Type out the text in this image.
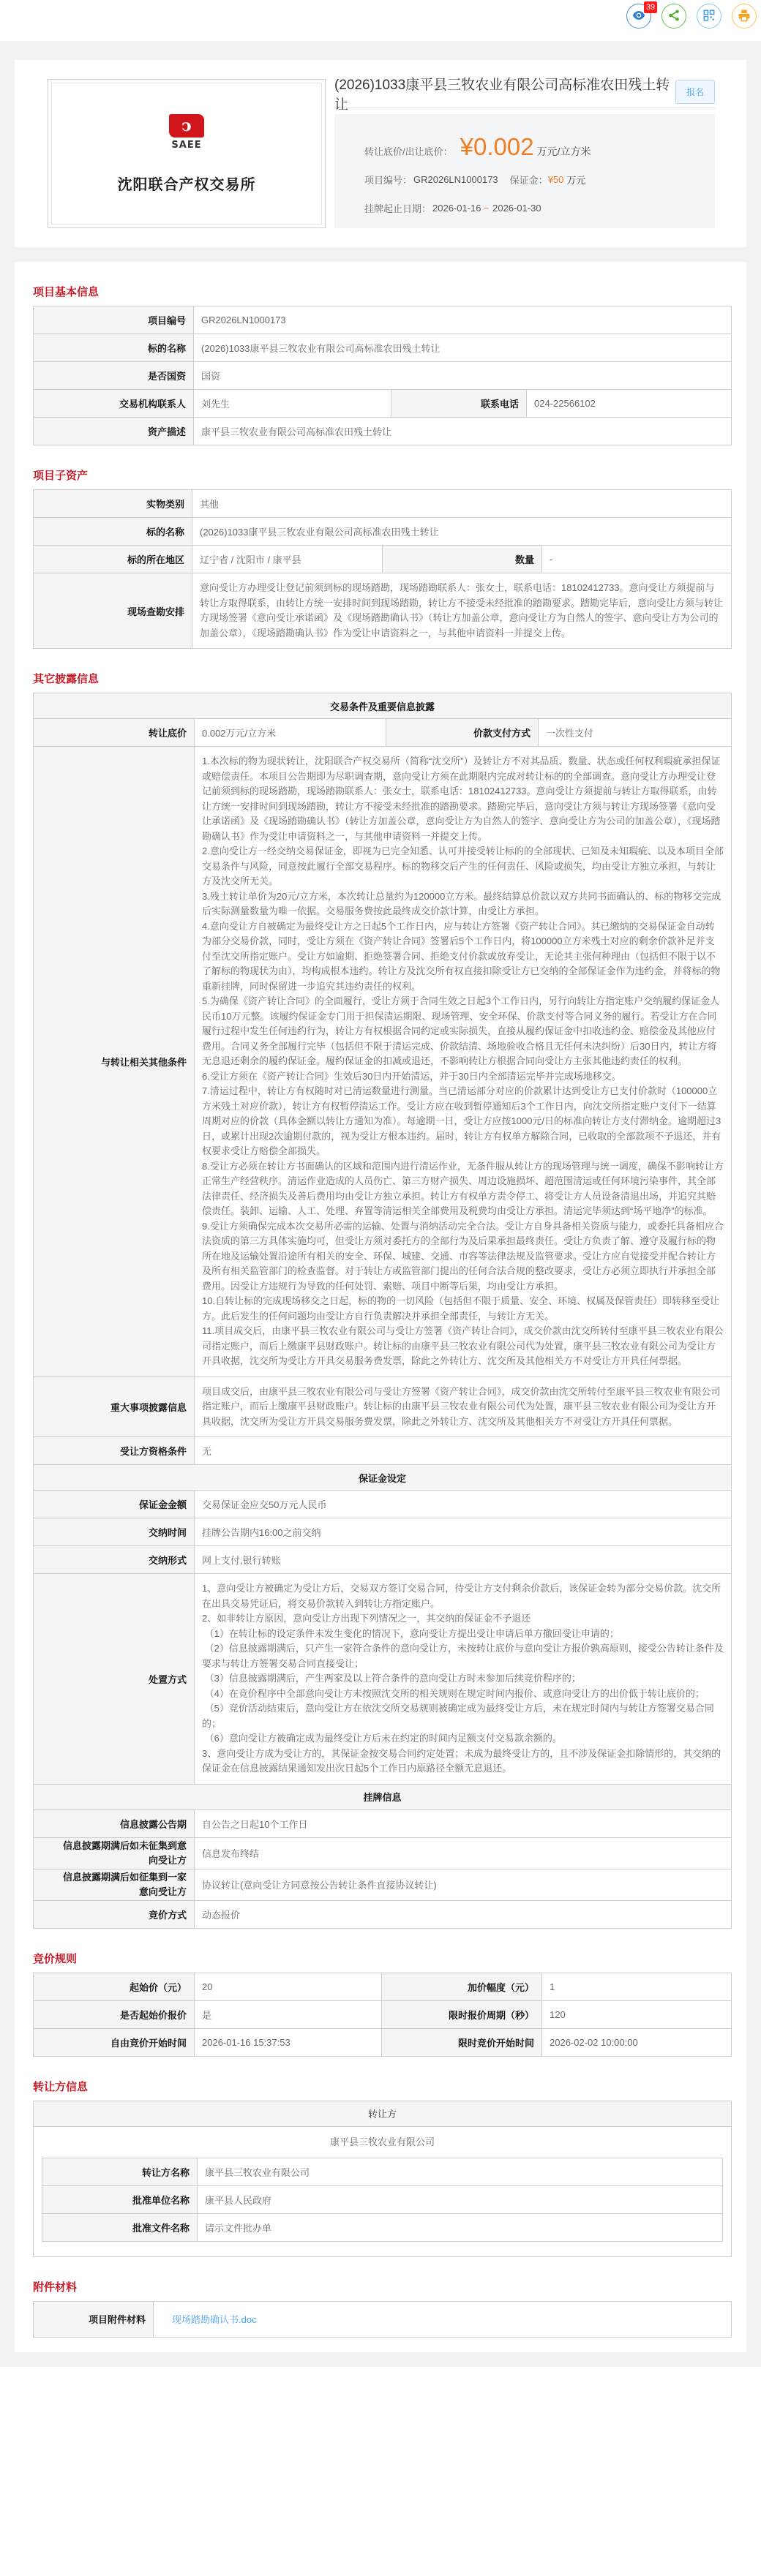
39
ↄ
SAEE
沈阳联合产权交易所
(2026)1033康平县三牧农业有限公司高标准农田残土转让
报名
转让底价/出让底价： ¥0.002 万元/立方米
项目编号： GR2026LN1000173 保证金： ¥50 万元
挂牌起止日期： 2026-01-16 ~ 2026-01-30
项目基本信息
项目编号	GR2026LN1000173		
标的名称	(2026)1033康平县三牧农业有限公司高标准农田残土转让		
是否国资	国资		
交易机构联系人	刘先生	联系电话	024-22566102
资产描述	康平县三牧农业有限公司高标准农田残土转让		
项目子资产
实物类别	其他		
标的名称	(2026)1033康平县三牧农业有限公司高标准农田残土转让		
标的所在地区	辽宁省 / 沈阳市 / 康平县	数量	-
现场查勘安排	意向受让方办理受让登记前须到标的现场踏勘，现场踏勘联系人：张女士，联系电话：18102412733。意向受让方须提前与转让方取得联系，由转让方统一安排时间到现场踏勘，转让方不接受未经批准的踏勘要求。踏勘完毕后，意向受让方须与转让方现场签署《意向受让承诺函》及《现场踏勘确认书》（转让方加盖公章，意向受让方为自然人的签字、意向受让方为公司的加盖公章），《现场踏勘确认书》作为受让申请资料之一，与其他申请资料一并提交上传。		
其它披露信息
交易条件及重要信息披露			
转让底价	0.002万元/立方米	价款支付方式	一次性支付
与转让相关其他条件	
1.本次标的物为现状转让，沈阳联合产权交易所（简称“沈交所”）及转让方不对其品质、数量、状态或任何权利瑕疵承担保证或赔偿责任。本项目公告期即为尽职调查期，意向受让方须在此期限内完成对转让标的的全部调查。意向受让方办理受让登记前须到标的现场踏勘，现场踏勘联系人：张女士，联系电话：18102412733。意向受让方须提前与转让方取得联系，由转让方统一安排时间到现场踏勘，转让方不接受未经批准的踏勘要求。踏勘完毕后，意向受让方须与转让方现场签署《意向受让承诺函》及《现场踏勘确认书》（转让方加盖公章，意向受让方为自然人的签字、意向受让方为公司的加盖公章），《现场踏勘确认书》作为受让申请资料之一，与其他申请资料一并提交上传。
2.意向受让方一经交纳交易保证金，即视为已完全知悉、认可并接受转让标的的全部现状、已知及未知瑕疵、以及本项目全部交易条件与风险，同意按此履行全部交易程序。标的物移交后产生的任何责任、风险或损失，均由受让方独立承担，与转让方及沈交所无关。
3.残土转让单价为20元/立方米，本次转让总量约为120000立方米。最终结算总价款以双方共同书面确认的、标的物移交完成后实际测量数量为唯一依据。交易服务费按此最终成交价款计算，由受让方承担。
4.意向受让方自被确定为最终受让方之日起5个工作日内，应与转让方签署《资产转让合同》。其已缴纳的交易保证金自动转为部分交易价款，同时，受让方须在《资产转让合同》签署后5个工作日内，将100000立方米残土对应的剩余价款补足并支付至沈交所指定账户。受让方如逾期、拒绝签署合同、拒绝支付价款或放弃受让，无论其主张何种理由（包括但不限于以不了解标的物现状为由），均构成根本违约。转让方及沈交所有权直接扣除受让方已交纳的全部保证金作为违约金，并将标的物重新挂牌，同时保留进一步追究其违约责任的权利。
5.为确保《资产转让合同》的全面履行，受让方须于合同生效之日起3个工作日内，另行向转让方指定账户交纳履约保证金人民币10万元整。该履约保证金专门用于担保清运期限、现场管理、安全环保、价款支付等合同义务的履行。若受让方在合同履行过程中发生任何违约行为，转让方有权根据合同约定或实际损失，直接从履约保证金中扣收违约金、赔偿金及其他应付费用。合同义务全部履行完毕（包括但不限于清运完成、价款结清、场地验收合格且无任何未决纠纷）后30日内，转让方将无息退还剩余的履约保证金。履约保证金的扣减或退还，不影响转让方根据合同向受让方主张其他违约责任的权利。
6.受让方须在《资产转让合同》生效后30日内开始清运，并于30日内全部清运完毕并完成场地移交。
7.清运过程中，转让方有权随时对已清运数量进行测量。当已清运部分对应的价款累计达到受让方已支付价款时（100000立方米残土对应价款），转让方有权暂停清运工作。受让方应在收到暂停通知后3个工作日内，向沈交所指定账户支付下一结算周期对应的价款（具体金额以转让方通知为准）。每逾期一日，受让方应按1000元/日的标准向转让方支付滞纳金。逾期超过3日，或累计出现2次逾期付款的，视为受让方根本违约。届时，转让方有权单方解除合同，已收取的全部款项不予退还，并有权要求受让方赔偿全部损失。
8.受让方必须在转让方书面确认的区域和范围内进行清运作业，无条件服从转让方的现场管理与统一调度，确保不影响转让方正常生产经营秩序。清运作业造成的人员伤亡、第三方财产损失、周边设施损坏、超范围清运或任何环境污染事件，其全部法律责任、经济损失及善后费用均由受让方独立承担。转让方有权单方责令停工、将受让方人员设备清退出场，并追究其赔偿责任。装卸、运输、人工、处理、弃置等清运相关全部费用及税费均由受让方承担。清运完毕须达到“场平地净”的标准。
9.受让方须确保完成本次交易所必需的运输、处置与消纳活动完全合法。受让方自身具备相关资质与能力，或委托具备相应合法资质的第三方具体实施均可，但受让方须对委托方的全部行为及后果承担最终责任。受让方负责了解、遵守及履行标的物所在地及运输处置沿途所有相关的安全、环保、城建、交通、市容等法律法规及监管要求。受让方应自觉接受并配合转让方及所有相关监管部门的检查监督。对于转让方或监管部门提出的任何合法合规的整改要求，受让方必须立即执行并承担全部费用。因受让方违规行为导致的任何处罚、索赔、项目中断等后果，均由受让方承担。
10.自转让标的完成现场移交之日起，标的物的一切风险（包括但不限于质量、安全、环境、权属及保管责任）即转移至受让方。此后发生的任何问题均由受让方自行负责解决并承担全部责任，与转让方无关。
11.项目成交后，由康平县三牧农业有限公司与受让方签署《资产转让合同》，成交价款由沈交所转付至康平县三牧农业有限公司指定账户，而后上缴康平县财政账户。转让标的由康平县三牧农业有限公司代为处置，康平县三牧农业有限公司为受让方开具收据，沈交所为受让方开具交易服务费发票，除此之外转让方、沈交所及其他相关方不对受让方开具任何票据。

重大事项披露信息	项目成交后，由康平县三牧农业有限公司与受让方签署《资产转让合同》，成交价款由沈交所转付至康平县三牧农业有限公司指定账户，而后上缴康平县财政账户。转让标的由康平县三牧农业有限公司代为处置，康平县三牧农业有限公司为受让方开具收据，沈交所为受让方开具交易服务费发票，除此之外转让方、沈交所及其他相关方不对受让方开具任何票据。		
受让方资格条件	无		
保证金设定			
保证金金额	交易保证金应交50万元人民币		
交纳时间	挂牌公告期内16:00之前交纳		
交纳形式	网上支付,银行转账		
处置方式	
1、意向受让方被确定为受让方后，交易双方签订交易合同，待受让方支付剩余价款后，该保证金转为部分交易价款。沈交所在出具交易凭证后，将交易价款转入到转让方指定账户。
2、如非转让方原因，意向受让方出现下列情况之一，其交纳的保证金不予退还
（1）在转让标的设定条件未发生变化的情况下，意向受让方提出受让申请后单方撤回受让申请的；
（2）信息披露期满后，只产生一家符合条件的意向受让方，未按转让底价与意向受让方报价孰高原则，接受公告转让条件及要求与转让方签署交易合同直接受让；
（3）信息披露期满后，产生两家及以上符合条件的意向受让方时未参加后续竞价程序的；
（4）在竞价程序中全部意向受让方未按照沈交所的相关规则在规定时间内报价、或意向受让方的出价低于转让底价的；
（5）竞价活动结束后，意向受让方在依沈交所交易规则被确定成为最终受让方后，未在规定时间内与转让方签署交易合同的；
（6）意向受让方被确定成为最终受让方后未在约定的时间内足额支付交易款余额的。
3、意向受让方成为受让方的，其保证金按交易合同约定处置；未成为最终受让方的，且不涉及保证金扣除情形的，其交纳的保证金在信息披露结果通知发出次日起5个工作日内原路径全额无息退还。

挂牌信息			
信息披露公告期	自公告之日起10个工作日		
信息披露期满后如未征集到意向受让方	信息发布终结		
信息披露期满后如征集到一家意向受让方	协议转让(意向受让方同意按公告转让条件直接协议转让)		
竞价方式	动态报价		
竞价规则
起始价（元）	20	加价幅度（元）	1
是否起始价报价	是	限时报价周期（秒）	120
自由竞价开始时间	2026-01-16 15:37:53	限时竞价开始时间	2026-02-02 10:00:00
转让方信息
转让方

康平县三牧农业有限公司
转让方名称	康平县三牧农业有限公司
批准单位名称	康平县人民政府
批准文件名称	请示文件批办单
附件材料
项目附件材料	现场踏勘确认书.doc
